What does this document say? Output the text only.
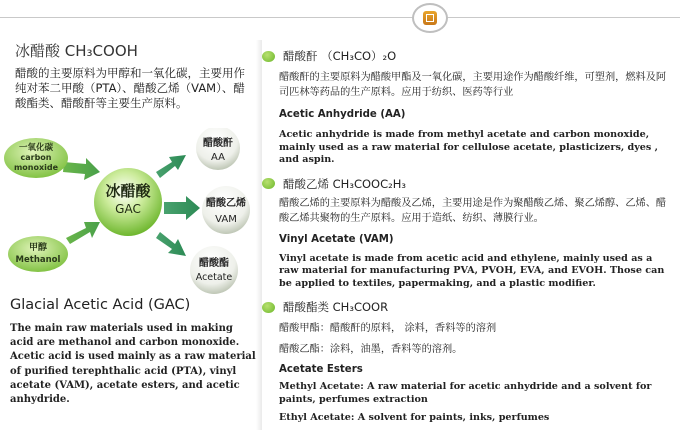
冰醋酸 CH₃COOH
醋酸的主要原料为甲醇和一氧化碳，主要用作纯对苯二甲酸（PTA）、醋酸乙烯（VAM）、醋酸酯类、醋酸酐等主要生产原料。
一氧化碳
carbon
monoxide
甲醇
Methanol
冰醋酸
GAC
醋酸酐
AA
醋酸乙烯
VAM
醋酸酯
Acetate
Glacial Acetic Acid (GAC)
The main raw materials used in making acid are methanol and carbon monoxide. Acetic acid is used mainly as a raw material of purified terephthalic acid (PTA), vinyl acetate (VAM), acetate esters, and acetic anhydride.
醋酸酐 （CH₃CO）₂O
醋酸酐的主要原料为醋酸甲酯及一氧化碳，主要用途作为醋酸纤维，可塑剂，燃料及阿司匹林等药品的生产原料。应用于纺织、医药等行业
Acetic Anhydride (AA)
Acetic anhydride is made from methyl acetate and carbon monoxide, mainly used as a raw material for cellulose acetate, plasticizers, dyes , and aspin.
醋酸乙烯 CH₃COOC₂H₃
醋酸乙烯的主要原料为醋酸及乙烯，主要用途是作为聚醋酸乙烯、聚乙烯醇、乙烯、醋酸乙烯共聚物的生产原料。应用于造纸、纺织、薄膜行业。
Vinyl Acetate (VAM)
Vinyl acetate is made from acetic acid and ethylene, mainly used as a raw material for manufacturing PVA, PVOH, EVA, and EVOH. Those can be applied to textiles, papermaking, and a plastic modifier.
醋酸酯类 CH₃COOR
醋酸甲酯：醋酸酐的原料， 涂料，香料等的溶剂
醋酸乙酯：涂料，油墨，香料等的溶剂。
Acetate Esters
Methyl Acetate: A raw material for acetic anhydride and a solvent for paints, perfumes extraction
Ethyl Acetate: A solvent for paints, inks, perfumes
